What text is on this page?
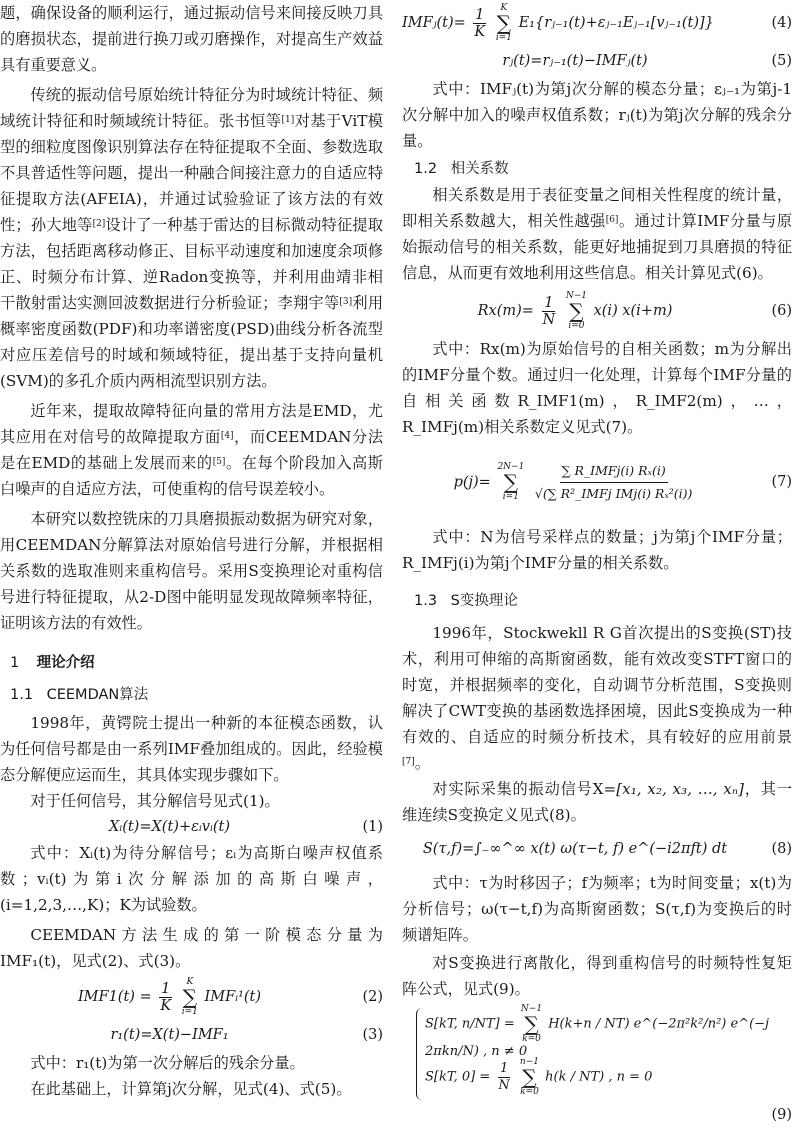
题，确保设备的顺利运行，通过振动信号来间接反映刀具的磨损状态，提前进行换刀或刃磨操作，对提高生产效益具有重要意义。

传统的振动信号原始统计特征分为时域统计特征、频域统计特征和时频域统计特征。张书恒等[1]对基于ViT模型的细粒度图像识别算法存在特征提取不全面、参数选取不具普适性等问题，提出一种融合间接注意力的自适应特征提取方法(AFEIA)，并通过试验验证了该方法的有效性；孙大地等[2]设计了一种基于雷达的目标微动特征提取方法，包括距离移动修正、目标平动速度和加速度余项修正、时频分布计算、逆Radon变换等，并利用曲靖非相干散射雷达实测回波数据进行分析验证；李翔宇等[3]利用概率密度函数(PDF)和功率谱密度(PSD)曲线分析各流型对应压差信号的时域和频域特征，提出基于支持向量机(SVM)的多孔介质内两相流型识别方法。

近年来，提取故障特征向量的常用方法是EMD，尤其应用在对信号的故障提取方面[4]，而CEEMDAN分法是在EMD的基础上发展而来的[5]。在每个阶段加入高斯白噪声的自适应方法，可使重构的信号误差较小。

本研究以数控铣床的刀具磨损振动数据为研究对象，用CEEMDAN分解算法对原始信号进行分解，并根据相关系数的选取准则来重构信号。采用S变换理论对重构信号进行特征提取，从2-D图中能明显发现故障频率特征，证明该方法的有效性。

1 理论介绍
1.1 CEEMDAN算法

1998年，黄锷院士提出一种新的本征模态函数，认为任何信号都是由一系列IMF叠加组成的。因此，经验模态分解便应运而生，其具体实现步骤如下。

对于任何信号，其分解信号见式(1)。

Xᵢ(t)=X(t)+εᵢvᵢ(t)	(1)

式中：Xᵢ(t)为待分解信号；εᵢ为高斯白噪声权值系数；vᵢ(t)为第i次分解添加的高斯白噪声，(i=1,2,3,…,K)；K为试验数。

CEEMDAN方法生成的第一阶模态分量为IMF₁(t)，见式(2)、式(3)。

$IMF1(t) = \frac{1}{K}$
K
∑
i=1
IMFᵢ¹(t)	(2)
r₁(t)=X(t)−IMF₁	(3)

式中：r₁(t)为第一次分解后的残余分量。

在此基础上，计算第j次分解，见式(4)、式(5)。

IMFⱼ(t)= $\frac{1}{K}$
K
∑
i=1
E₁{rⱼ₋₁(t)+εⱼ₋₁Eⱼ₋₁[vⱼ₋₁(t)]}	(4)
rⱼ(t)=rⱼ₋₁(t)−IMFⱼ(t)	(5)

式中：IMFⱼ(t)为第j次分解的模态分量；εⱼ₋₁为第j-1次分解中加入的噪声权值系数；rⱼ(t)为第j次分解的残余分量。

1.2 相关系数

相关系数是用于表征变量之间相关性程度的统计量，即相关系数越大，相关性越强[6]。通过计算IMF分量与原始振动信号的相关系数，能更好地捕捉到刀具磨损的特征信息，从而更有效地利用这些信息。相关计算见式(6)。

$Rx(m)= \frac{1}{N}$
N−1
∑
i=0
x(i) x(i+m)	(6)

式中：Rx(m)为原始信号的自相关函数；m为分解出的IMF分量个数。通过归一化处理，计算每个IMF分量的自相关函数R_IMF1(m)，R_IMF2(m)，…，R_IMFj(m)相关系数定义见式(7)。

p(j)=
2N−1
∑
i=1
$\frac{\text{∑ R\_IMFj(i) Rₓ(i)}}{\text{√(∑ R²\_IMFj IMj(i) Rₓ²(i))}}$	(7)

式中：N为信号采样点的数量；j为第j个IMF分量；R_IMFj(i)为第j个IMF分量的相关系数。

1.3 S变换理论

1996年，Stockwekll R G首次提出的S变换(ST)技术，利用可伸缩的高斯窗函数，能有效改变STFT窗口的时宽，并根据频率的变化，自动调节分析范围，S变换则解决了CWT变换的基函数选择困境，因此S变换成为一种有效的、自适应的时频分析技术，具有较好的应用前景[7]。

对实际采集的振动信号X=[x₁, x₂, x₃, …, xₙ]，其一维连续S变换定义见式(8)。

S(τ,f)=∫₋∞^∞ x(t) ω(τ−t, f) e^(−i2πft) dt	(8)

式中：τ为时移因子；f为频率；t为时间变量；x(t)为分析信号；ω(τ−t,f)为高斯窗函数；S(τ,f)为变换后的时频谱矩阵。

对S变换进行离散化，得到重构信号的时频特性复矩阵公式，见式(9)。

S[kT, n/NT] =
N−1
∑
k=0
H(k+n / NT) e^(−2π²k²/n²) e^(−j 2πkn/N) , n ≠ 0
S[kT, $0] = \frac{1}{N}$
n−1
∑
k=0
h(k / NT) , n = 0
(9)
